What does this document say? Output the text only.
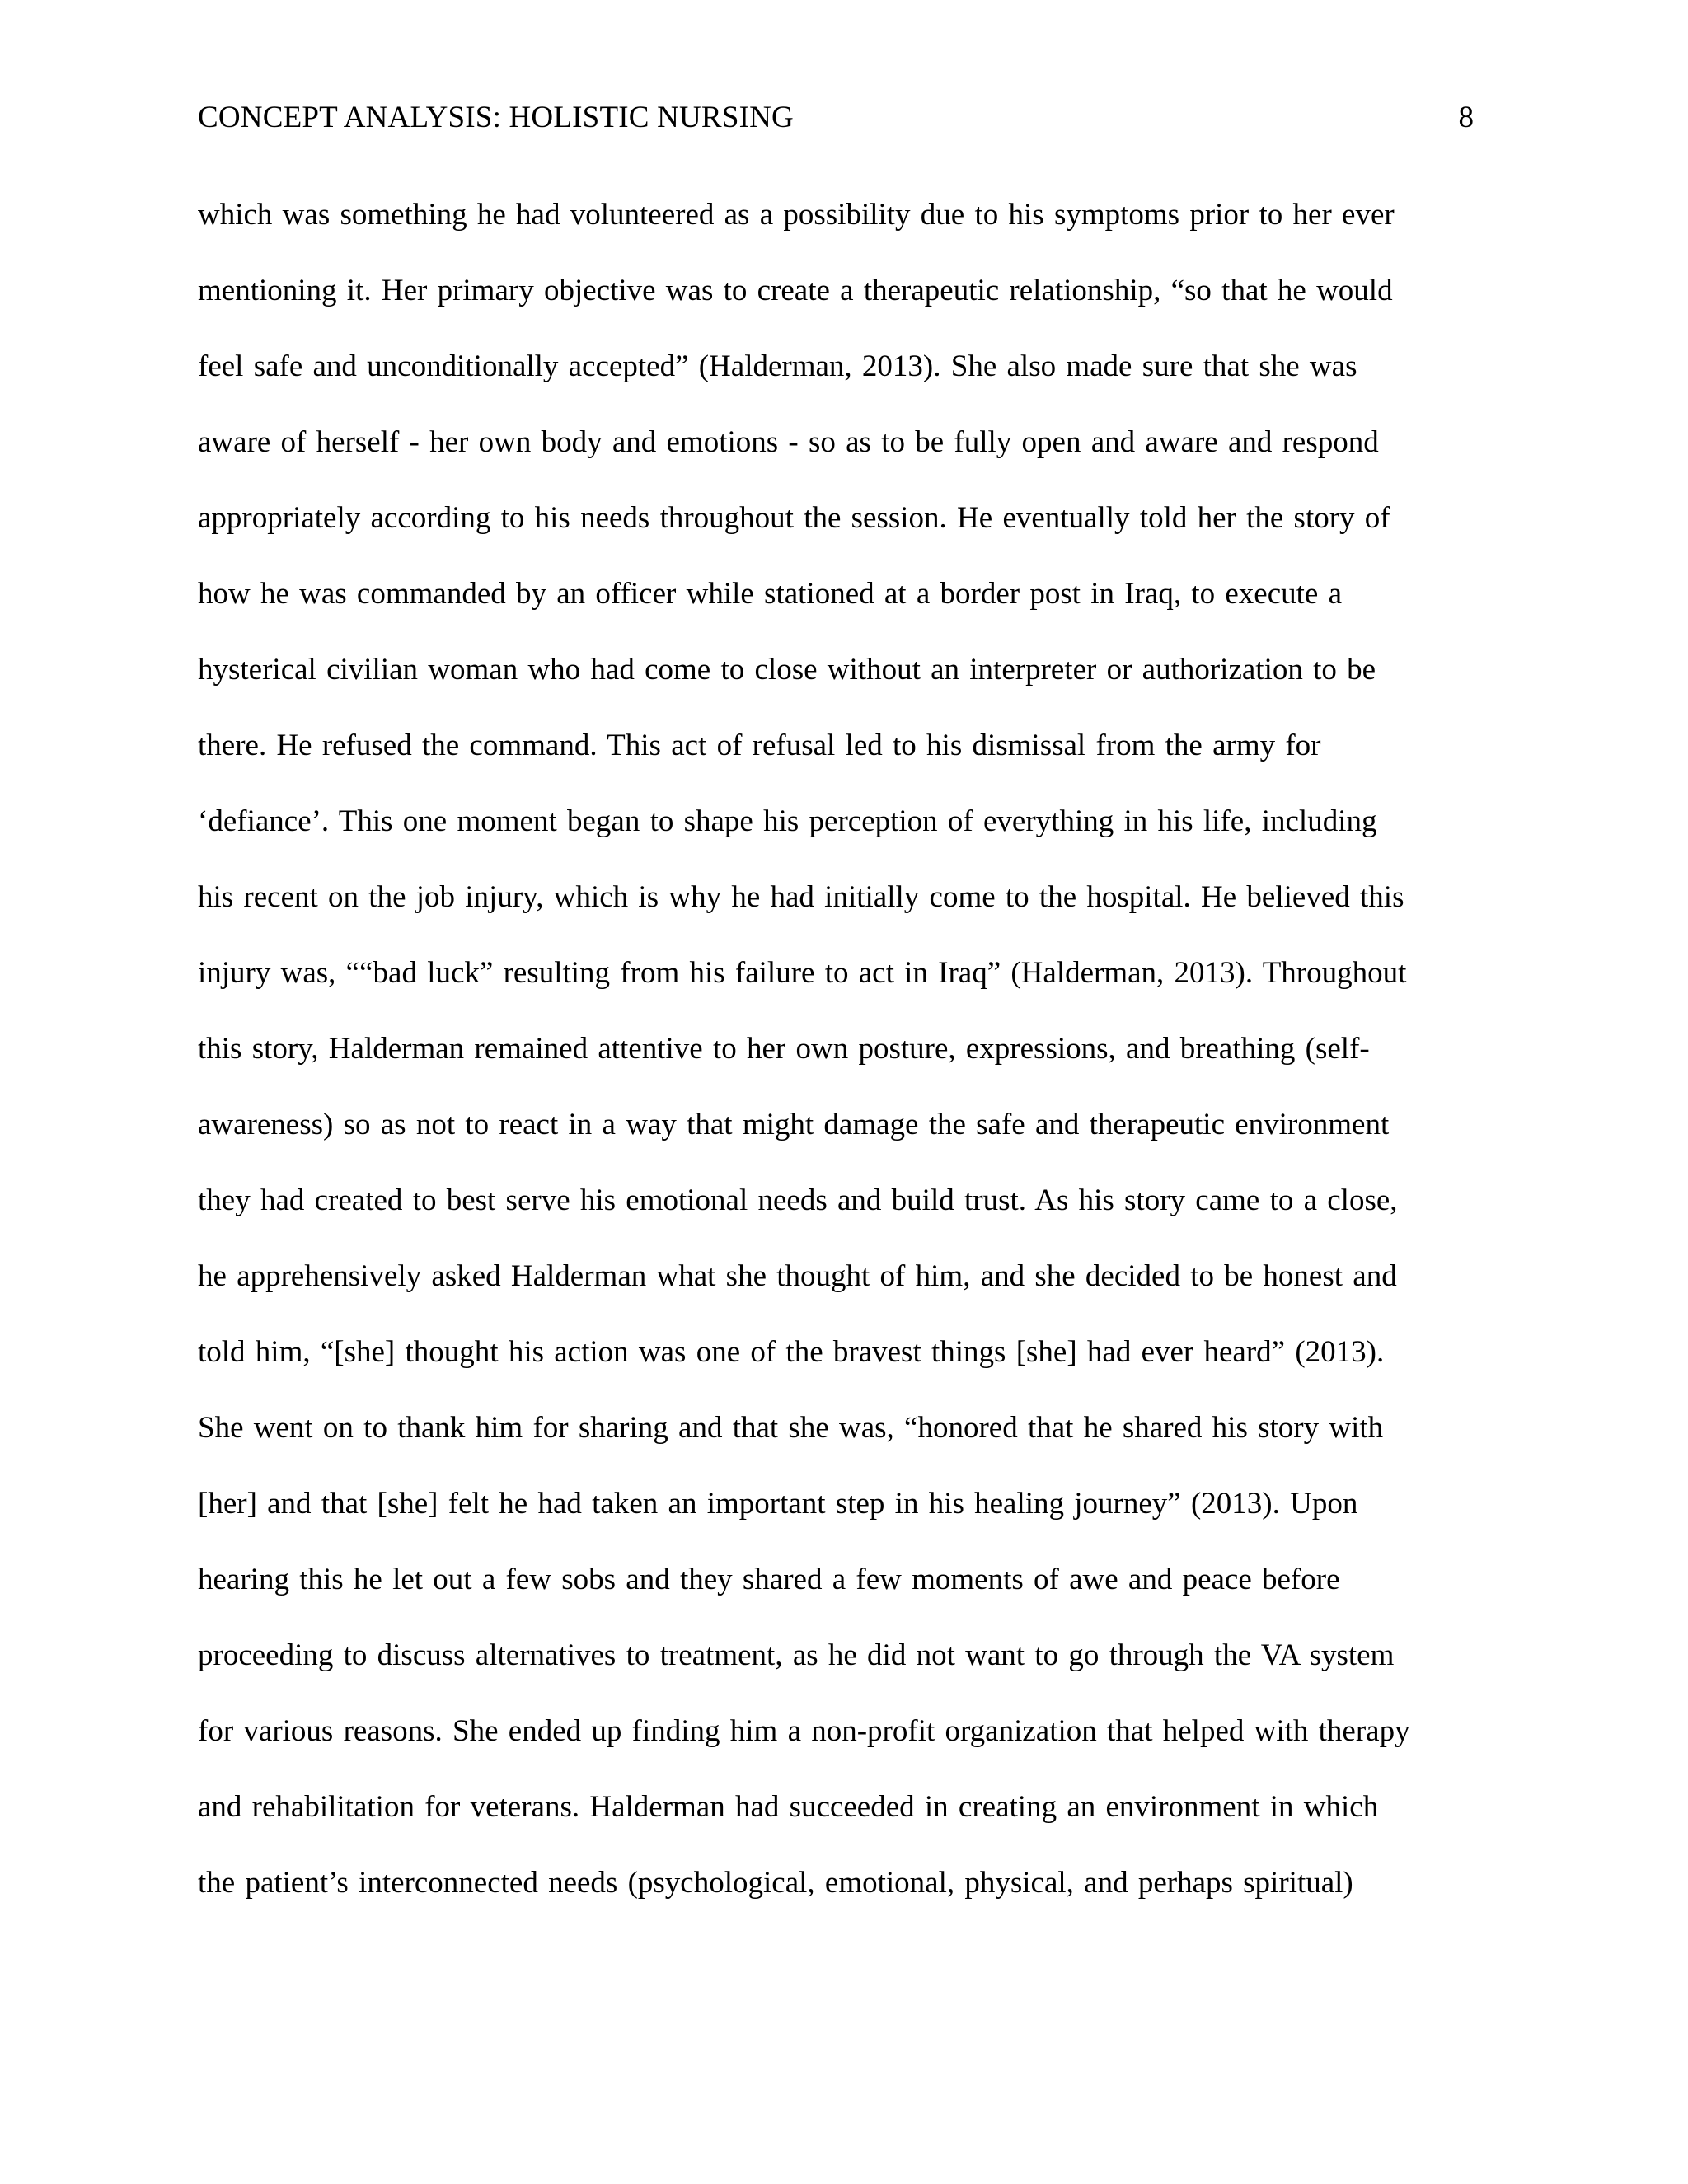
CONCEPT ANALYSIS: HOLISTIC NURSING	8
which was something he had volunteered as a possibility due to his symptoms prior to her ever
mentioning it. Her primary objective was to create a therapeutic relationship, “so that he would
feel safe and unconditionally accepted” (Halderman, 2013). She also made sure that she was
aware of herself - her own body and emotions - so as to be fully open and aware and respond
appropriately according to his needs throughout the session. He eventually told her the story of
how he was commanded by an officer while stationed at a border post in Iraq, to execute a
hysterical civilian woman who had come to close without an interpreter or authorization to be
there. He refused the command. This act of refusal led to his dismissal from the army for
‘defiance’. This one moment began to shape his perception of everything in his life, including
his recent on the job injury, which is why he had initially come to the hospital. He believed this
injury was, ““bad luck” resulting from his failure to act in Iraq” (Halderman, 2013). Throughout
this story, Halderman remained attentive to her own posture, expressions, and breathing (self-
awareness) so as not to react in a way that might damage the safe and therapeutic environment
they had created to best serve his emotional needs and build trust. As his story came to a close,
he apprehensively asked Halderman what she thought of him, and she decided to be honest and
told him, “[she] thought his action was one of the bravest things [she] had ever heard” (2013).
She went on to thank him for sharing and that she was, “honored that he shared his story with
[her] and that [she] felt he had taken an important step in his healing journey” (2013). Upon
hearing this he let out a few sobs and they shared a few moments of awe and peace before
proceeding to discuss alternatives to treatment, as he did not want to go through the VA system
for various reasons. She ended up finding him a non-profit organization that helped with therapy
and rehabilitation for veterans. Halderman had succeeded in creating an environment in which
the patient’s interconnected needs (psychological, emotional, physical, and perhaps spiritual)
